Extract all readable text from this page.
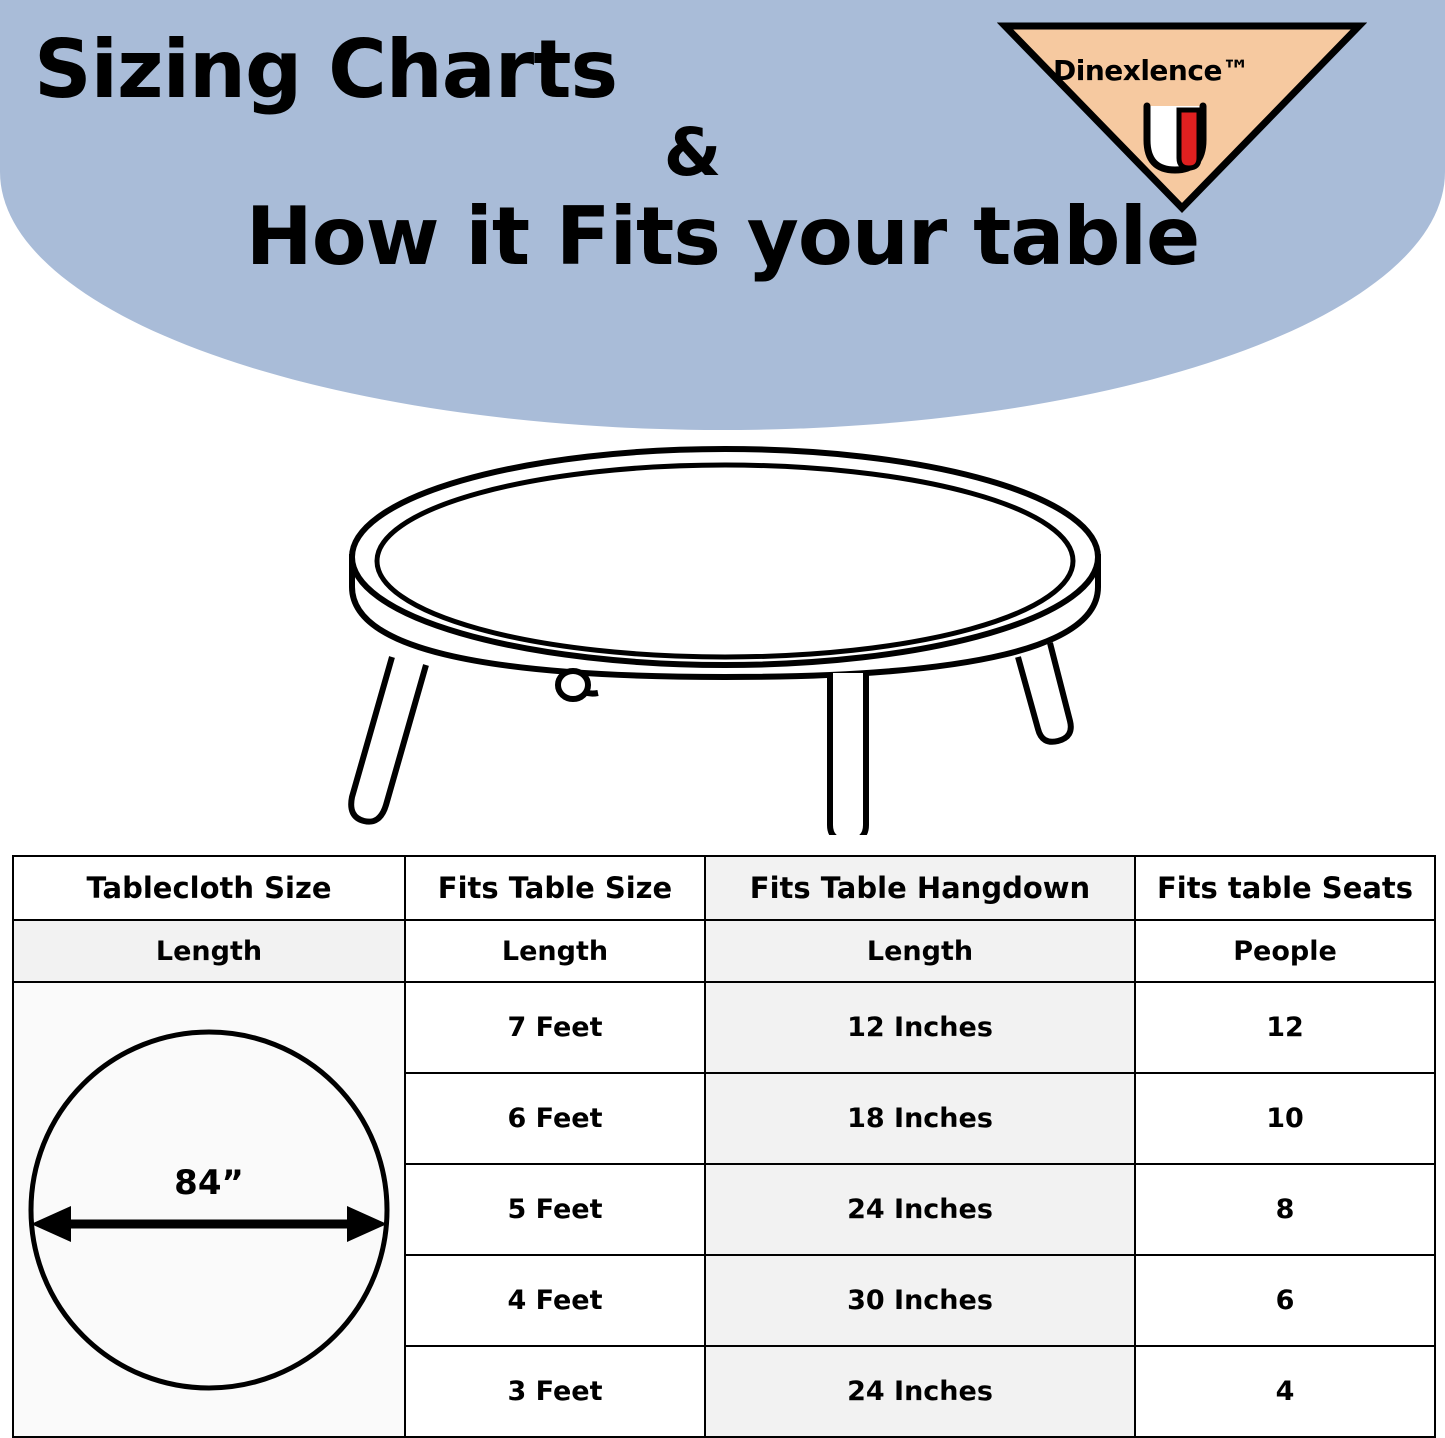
Sizing Charts
&
How it Fits your table
Dinexlence™
Tablecloth Size	Fits Table Size	Fits Table Hangdown	Fits table Seats
Length	Length	Length	People

84”	7 Feet	12 Inches	12
	6 Feet	18 Inches	10
	5 Feet	24 Inches	8
	4 Feet	30 Inches	6
	3 Feet	24 Inches	4
